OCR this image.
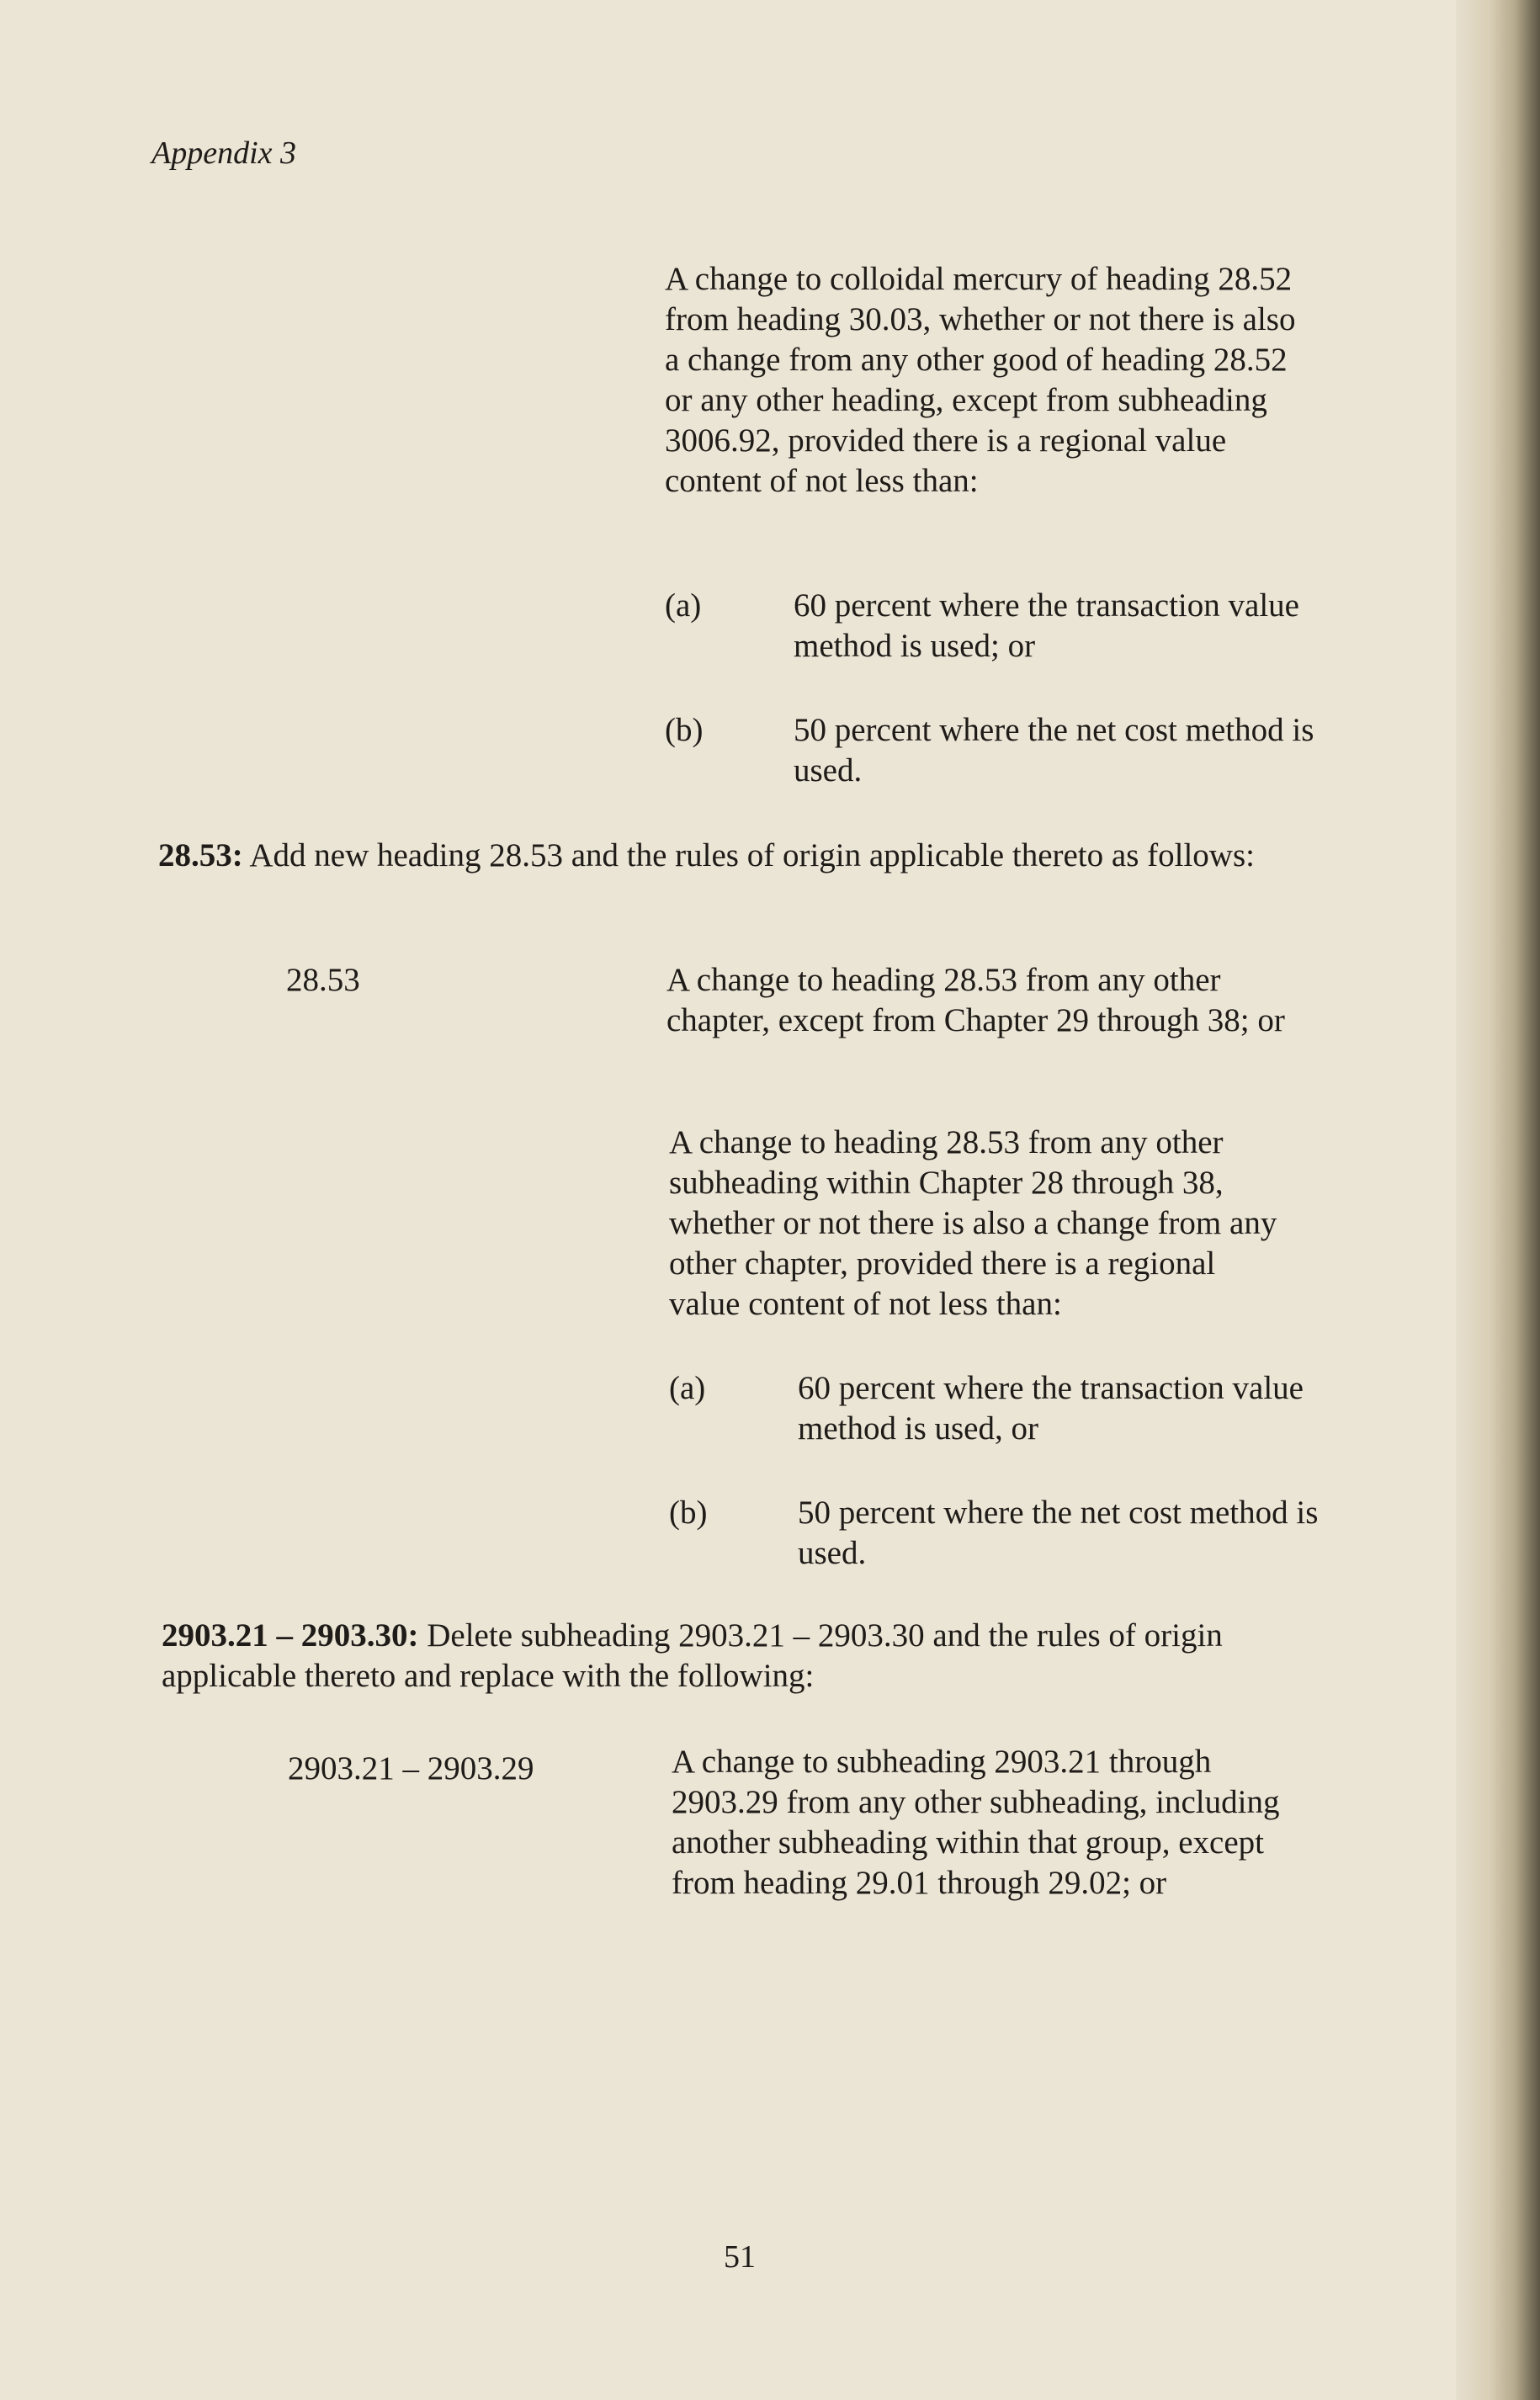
Appendix 3

A change to colloidal mercury of heading 28.52 from heading 30.03, whether or not there is also a change from any other good of heading 28.52 or any other heading, except from subheading 3006.92, provided there is a regional value content of not less than:

(a)	60 percent where the transaction value method is used; or
(b)	50 percent where the net cost method is used.

28.53: Add new heading 28.53 and the rules of origin applicable thereto as follows:

28.53	A change to heading 28.53 from any other chapter, except from Chapter 29 through 38; or

A change to heading 28.53 from any other subheading within Chapter 28 through 38, whether or not there is also a change from any other chapter, provided there is a regional value content of not less than:

(a)	60 percent where the transaction value method is used, or
(b)	50 percent where the net cost method is used.

2903.21 – 2903.30: Delete subheading 2903.21 – 2903.30 and the rules of origin applicable thereto and replace with the following:

2903.21 – 2903.29	A change to subheading 2903.21 through 2903.29 from any other subheading, including another subheading within that group, except from heading 29.01 through 29.02; or

51
